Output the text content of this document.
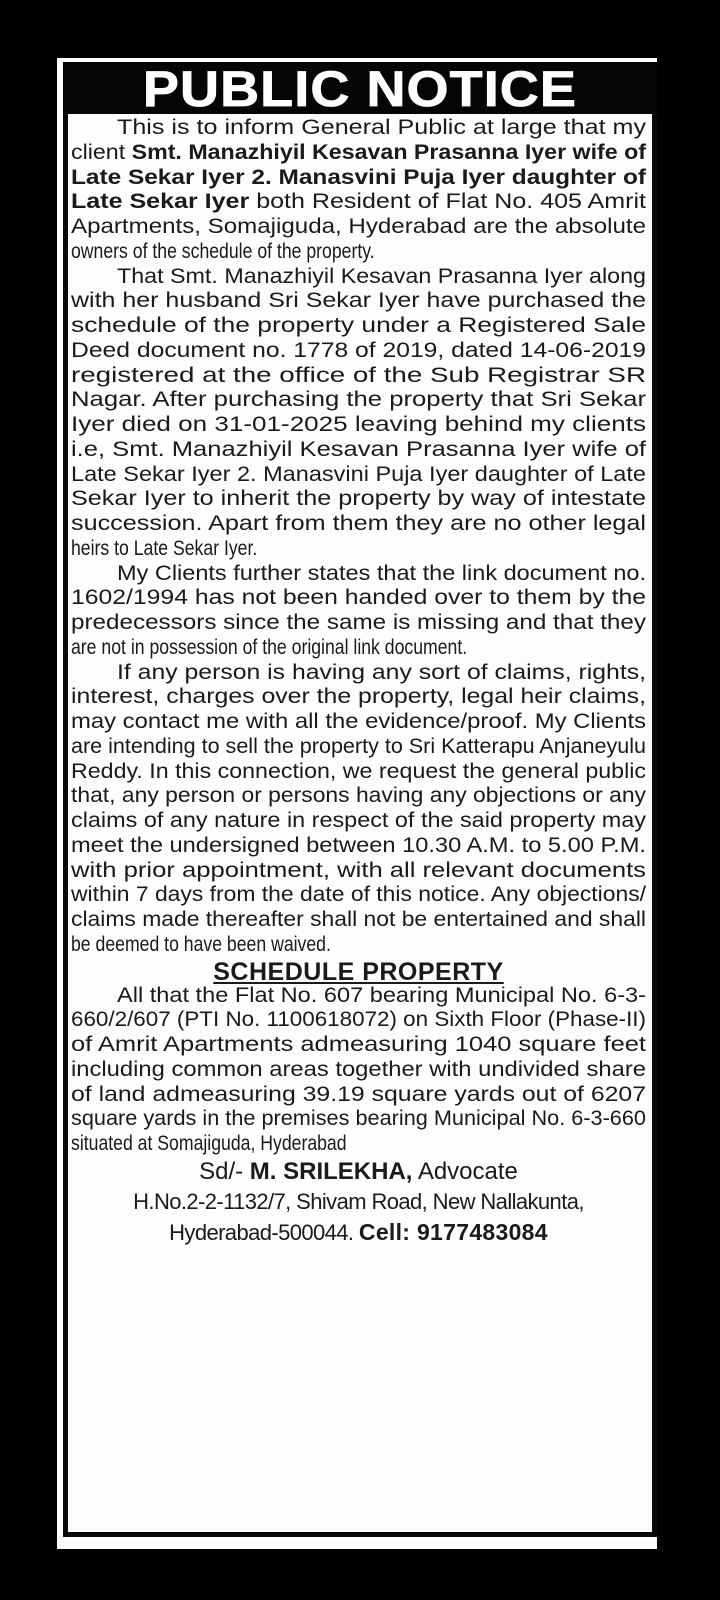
PUBLIC NOTICE
This is to inform General Public at large that my
client Smt. Manazhiyil Kesavan Prasanna Iyer wife of
Late Sekar Iyer 2. Manasvini Puja Iyer daughter of
Late Sekar Iyer both Resident of Flat No. 405 Amrit
Apartments, Somajiguda, Hyderabad are the absolute
owners of the schedule of the property.
That Smt. Manazhiyil Kesavan Prasanna Iyer along
with her husband Sri Sekar Iyer have purchased the
schedule of the property under a Registered Sale
Deed document no. 1778 of 2019, dated 14-06-2019
registered at the office of the Sub Registrar SR
Nagar. After purchasing the property that Sri Sekar
Iyer died on 31-01-2025 leaving behind my clients
i.e, Smt. Manazhiyil Kesavan Prasanna Iyer wife of
Late Sekar Iyer 2. Manasvini Puja Iyer daughter of Late
Sekar Iyer to inherit the property by way of intestate
succession. Apart from them they are no other legal
heirs to Late Sekar Iyer.
My Clients further states that the link document no.
1602/1994 has not been handed over to them by the
predecessors since the same is missing and that they
are not in possession of the original link document.
If any person is having any sort of claims, rights,
interest, charges over the property, legal heir claims,
may contact me with all the evidence/proof. My Clients
are intending to sell the property to Sri Katterapu Anjaneyulu
Reddy. In this connection, we request the general public
that, any person or persons having any objections or any
claims of any nature in respect of the said property may
meet the undersigned between 10.30 A.M. to 5.00 P.M.
with prior appointment, with all relevant documents
within 7 days from the date of this notice. Any objections/
claims made thereafter shall not be entertained and shall
be deemed to have been waived.
SCHEDULE PROPERTY
All that the Flat No. 607 bearing Municipal No. 6-3-
660/2/607 (PTI No. 1100618072) on Sixth Floor (Phase-II)
of Amrit Apartments admeasuring 1040 square feet
including common areas together with undivided share
of land admeasuring 39.19 square yards out of 6207
square yards in the premises bearing Municipal No. 6-3-660
situated at Somajiguda, Hyderabad
Sd/- M. SRILEKHA, Advocate
H.No.2-2-1132/7, Shivam Road, New Nallakunta,
Hyderabad-500044. Cell: 9177483084
